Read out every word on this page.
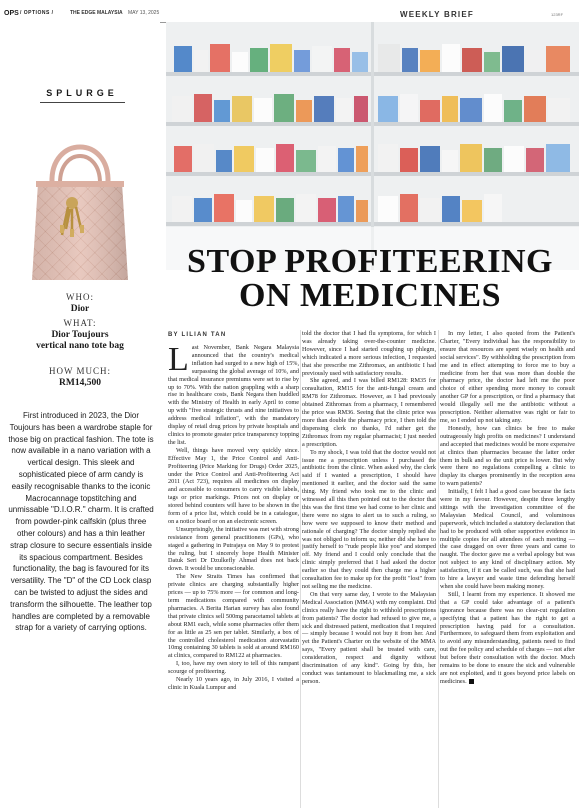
OPS / OPTIONS /	THE EDGE MALAYSIA MAY 13, 2025	WEEKLY BRIEF	123RF
SPLURGE
WHO:
Dior
WHAT:
Dior Toujours vertical nano tote bag
HOW MUCH:
RM14,500
First introduced in 2023, the Dior Toujours has been a wardrobe staple for those big on practical fashion. The tote is now available in a nano variation with a vertical design. This sleek and sophisticated piece of arm candy is easily recognisable thanks to the iconic Macrocannage topstitching and unmissable "D.I.O.R." charm. It is crafted from powder-pink calfskin (plus three other colours) and has a thin leather strap closure to secure essentials inside its spacious compartment. Besides functionality, the bag is favoured for its versatility. The "D" of the CD Lock clasp can be twisted to adjust the sides and transform the silhouette. The leather top handles are completed by a removable strap for a variety of carrying options.
STOP PROFITEERING
ON MEDICINES
BY LILIAN TAN

Last November, Bank Negara Malaysia announced that the country's medical inflation had surged to a new high of 15%, surpassing the global average of 10%, and that medical insurance premiums were set to rise by up to 70%. With the nation grappling with a sharp rise in healthcare costs, Bank Negara then huddled with the Ministry of Health in early April to come up with "five strategic thrusts and nine initiatives to address medical inflation", with the mandatory display of retail drug prices by private hospitals and clinics to promote greater price transparency topping the list.

Well, things have moved very quickly since. Effective May 1, the Price Control and Anti-Profiteering (Price Marking for Drugs) Order 2025, under the Price Control and Anti-Profiteering Act 2011 (Act 723), requires all medicines on display and accessible to consumers to carry visible labels, tags or price markings. Prices not on display or stored behind counters will have to be shown in the form of a price list, which could be in a catalogue, on a notice board or on an electronic screen.

Unsurprisingly, the initiative was met with strong resistance from general practitioners (GPs), who staged a gathering in Putrajaya on May 9 to protest the ruling, but I sincerely hope Health Minister Datuk Seri Dr Dzulkefly Ahmad does not back down. It would be unconscionable.

The New Straits Times has confirmed that private clinics are charging substantially higher prices — up to 75% more — for common and long-term medications compared with community pharmacies. A Berita Harian survey has also found that private clinics sell 500mg paracetamol tablets at about RM1 each, while some pharmacies offer them for as little as 25 sen per tablet. Similarly, a box of the controlled cholesterol medication atorvastatin 10mg containing 30 tablets is sold at around RM160 at clinics, compared to RM122 at pharmacies.

I, too, have my own story to tell of this rampant scourge of profiteering.

Nearly 10 years ago, in July 2016, I visited a clinic in Kuala Lumpur and

told the doctor that I had flu symptoms, for which I was already taking over-the-counter medicine. However, since I had started coughing up phlegm, which indicated a more serious infection, I requested that she prescribe me Zithromax, an antibiotic I had previously used with satisfactory results.

She agreed, and I was billed RM128: RM35 for consultation, RM15 for the anti-fungal cream and RM78 for Zithromax. However, as I had previously obtained Zithromax from a pharmacy, I remembered the price was RM36. Seeing that the clinic price was more than double the pharmacy price, I then told the dispensing clerk no thanks, I'd rather get the Zithromax from my regular pharmacist; I just needed a prescription.

To my shock, I was told that the doctor would not issue me a prescription unless I purchased the antibiotic from the clinic. When asked why, the clerk said if I wanted a prescription, I should have mentioned it earlier, and the doctor said the same thing. My friend who took me to the clinic and witnessed all this then pointed out to the doctor that this was the first time we had come to her clinic and there were no signs to alert us to such a ruling, so how were we supposed to know their method and rationale of charging? The doctor simply replied she was not obliged to inform us; neither did she have to justify herself to "rude people like you" and stomped off. My friend and I could only conclude that the clinic simply preferred that I had asked the doctor earlier so that they could then charge me a higher consultation fee to make up for the profit "lost" from not selling me the medicine.

On that very same day, I wrote to the Malaysian Medical Association (MMA) with my complaint. Did clinics really have the right to withhold prescriptions from patients? The doctor had refused to give me, a sick and distressed patient, medication that I required — simply because I would not buy it from her. And yet the Patient's Charter on the website of the MMA says, "Every patient shall be treated with care, consideration, respect and dignity without discrimination of any kind". Going by this, her conduct was tantamount to blackmailing me, a sick person.

In my letter, I also quoted from the Patient's Charter, "Every individual has the responsibility to ensure that resources are spent wisely on health and social services". By withholding the prescription from me and in effect attempting to force me to buy a medicine from her that was more than double the pharmacy price, the doctor had left me the poor choice of either spending more money to consult another GP for a prescription, or find a pharmacy that would illegally sell me the antibiotic without a prescription. Neither alternative was right or fair to me, so I ended up not taking any.

Honestly, how can clinics be free to make outrageously high profits on medicines? I understand and accepted that medicines would be more expensive at clinics than pharmacies because the latter order them in bulk and so the unit price is lower. But why were there no regulations compelling a clinic to display its charges prominently in the reception area to warn patients?

Initially, I felt I had a good case because the facts were in my favour. However, despite three lengthy sittings with the investigation committee of the Malaysian Medical Council, and voluminous paperwork, which included a statutory declaration that had to be produced with other supportive evidence in multiple copies for all attendees of each meeting — the case dragged on over three years and came to naught. The doctor gave me a verbal apology but was not subject to any kind of disciplinary action. My satisfaction, if it can be called such, was that she had to hire a lawyer and waste time defending herself when she could have been making money.

Still, I learnt from my experience. It showed me that a GP could take advantage of a patient's ignorance because there was no clear-cut regulation specifying that a patient has the right to get a prescription having paid for a consultation. Furthermore, to safeguard them from exploitation and to avoid any misunderstanding, patients need to find out the fee policy and schedule of charges — not after but before their consultation with the doctor. Much remains to be done to ensure the sick and vulnerable are not exploited, and it goes beyond price labels on medicines.
